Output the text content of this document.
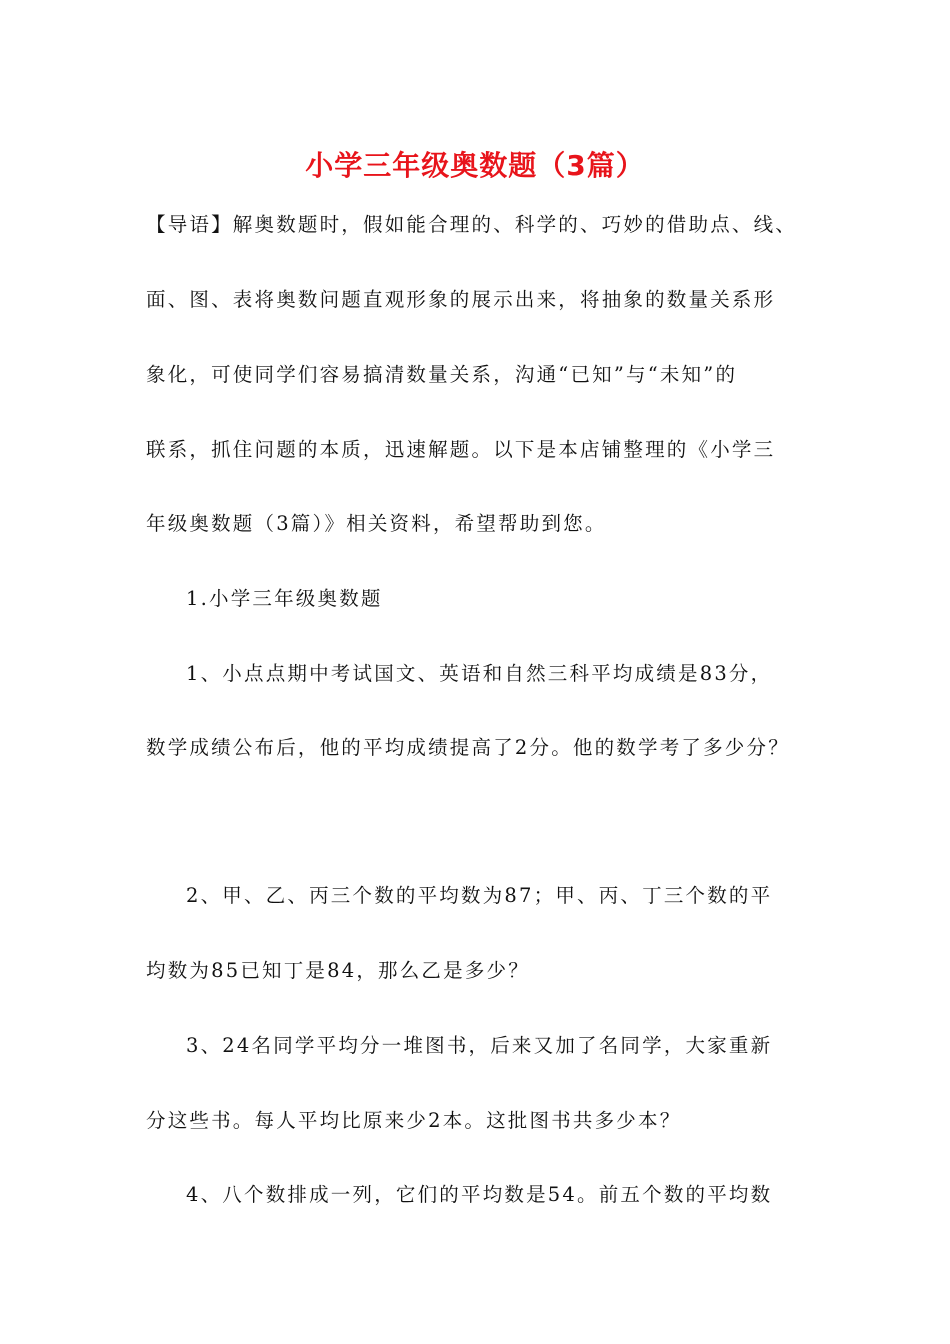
小学三年级奥数题（3篇）
【导语】解奥数题时，假如能合理的、科学的、巧妙的借助点、线、
面、图、表将奥数问题直观形象的展示出来，将抽象的数量关系形
象化，可使同学们容易搞清数量关系，沟通“已知”与“未知”的
联系，抓住问题的本质，迅速解题。以下是本店铺整理的《小学三
年级奥数题（3篇）》相关资料，希望帮助到您。
1.小学三年级奥数题
1、小点点期中考试国文、英语和自然三科平均成绩是83分，
数学成绩公布后，他的平均成绩提高了2分。他的数学考了多少分？
2、甲、乙、丙三个数的平均数为87；甲、丙、丁三个数的平
均数为85已知丁是84，那么乙是多少？
3、24名同学平均分一堆图书，后来又加了名同学，大家重新
分这些书。每人平均比原来少2本。这批图书共多少本？
4、八个数排成一列，它们的平均数是54。前五个数的平均数
